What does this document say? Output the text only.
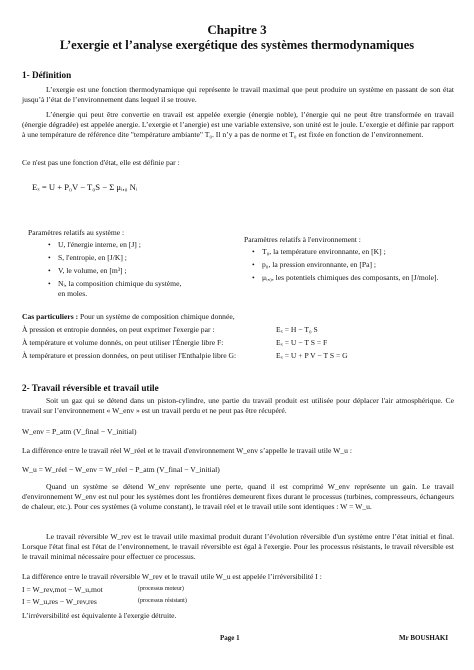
Chapitre 3
L’exergie et l’analyse exergétique des systèmes thermodynamiques
1- Définition
L’exergie est une fonction thermodynamique qui représente le travail maximal que peut produire un système en passant de son état jusqu’à l’état de l’environnement dans lequel il se trouve.
L’énergie qui peut être convertie en travail est appelée exergie (énergie noble), l’énergie qui ne peut être transformée en travail (énergie dégradée) est appelée anergie. L’exergie et l’anergie) est une variable extensive, son unité est le joule. L’exergie et définie par rapport à une température de référence dite "température ambiante" T₀. Il n’y a pas de norme et T₀ est fixée en fonction de l’environnement.
Ce n'est pas une fonction d'état, elle est définie par :
Eₓ = U + P₀V − T₀S − Σ μᵢ,₀ Nᵢ
Paramètres relatifs au système :
• U, l'énergie interne, en [J] ;
• S, l'entropie, en [J/K] ;
• V, le volume, en [m³] ;
• Nᵢ, la composition chimique du système, en moles.
Paramètres relatifs à l'environnement :
• T₀, la température environnante, en [K] ;
• p₀, la pression environnante, en [Pa] ;
• μᵢ,₀, les potentiels chimiques des composants, en [J/mole].
Cas particuliers : Pour un système de composition chimique donnée,
À pression et entropie données, on peut exprimer l'exergie par :	Eₓ = H − T₀ S
À température et volume donnés, on peut utiliser l'Énergie libre F:	Eₓ = U − T S = F
À température et pression données, on peut utiliser l'Enthalpie libre G:	Eₓ = U + P V − T S = G
2- Travail réversible et travail utile
Soit un gaz qui se détend dans un piston-cylindre, une partie du travail produit est utilisée pour déplacer l'air atmosphérique. Ce travail sur l’environnement « W_env » est un travail perdu et ne peut pas être récupéré.
W_env = P_atm (V_final − V_initial)
La différence entre le travail réel W_réel et le travail d'environnement W_env s’appelle le travail utile W_u :
W_u = W_réel − W_env = W_réel − P_atm (V_final − V_initial)
Quand un système se détend W_env représente une perte, quand il est comprimé W_env représente un gain. Le travail d'environnement W_env est nul pour les systèmes dont les frontières demeurent fixes durant le processus (turbines, compresseurs, échangeurs de chaleur, etc.). Pour ces systèmes (à volume constant), le travail réel et le travail utile sont identiques : W = W_u.
Le travail réversible W_rev est le travail utile maximal produit durant l’évolution réversible d'un système entre l’état initial et final. Lorsque l'état final est l'état de l’environnement, le travail réversible est égal à l'exergie. Pour les processus résistants, le travail réversible est le travail minimal nécessaire pour effectuer ce processus.
La différence entre le travail réversible W_rev et le travail utile W_u est appelée l’irréversibilité I :
I = W_rev,mot − W_u,mot	(processus moteur)
I = W_u,res − W_rev,res	(processus résistant)
L’irréversibilité est équivalente à l'exergie détruite.
Page 1	Mr BOUSHAKI
